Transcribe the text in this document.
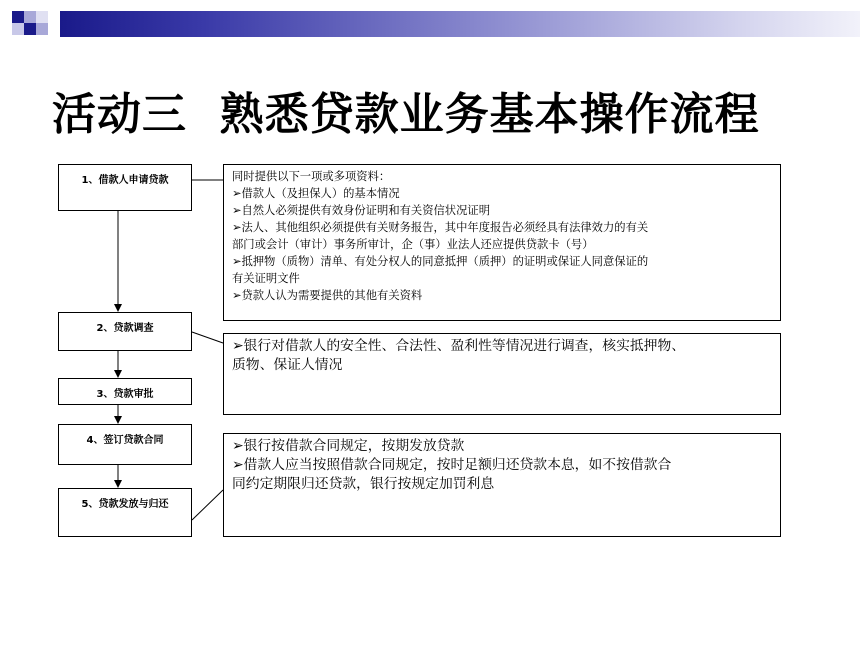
活动三  熟悉贷款业务基本操作流程
1、借款人申请贷款
2、贷款调查
3、贷款审批
4、签订贷款合同
5、贷款发放与归还
同时提供以下一项或多项资料：
➢借款人（及担保人）的基本情况
➢自然人必须提供有效身份证明和有关资信状况证明
➢法人、其他组织必须提供有关财务报告，其中年度报告必须经具有法律效力的有关
部门或会计（审计）事务所审计，企（事）业法人还应提供贷款卡（号）
➢抵押物（质物）清单、有处分权人的同意抵押（质押）的证明或保证人同意保证的
有关证明文件
➢贷款人认为需要提供的其他有关资料
➢银行对借款人的安全性、合法性、盈利性等情况进行调查，核实抵押物、
质物、保证人情况
➢银行按借款合同规定，按期发放贷款
➢借款人应当按照借款合同规定，按时足额归还贷款本息，如不按借款合
同约定期限归还贷款，银行按规定加罚利息
